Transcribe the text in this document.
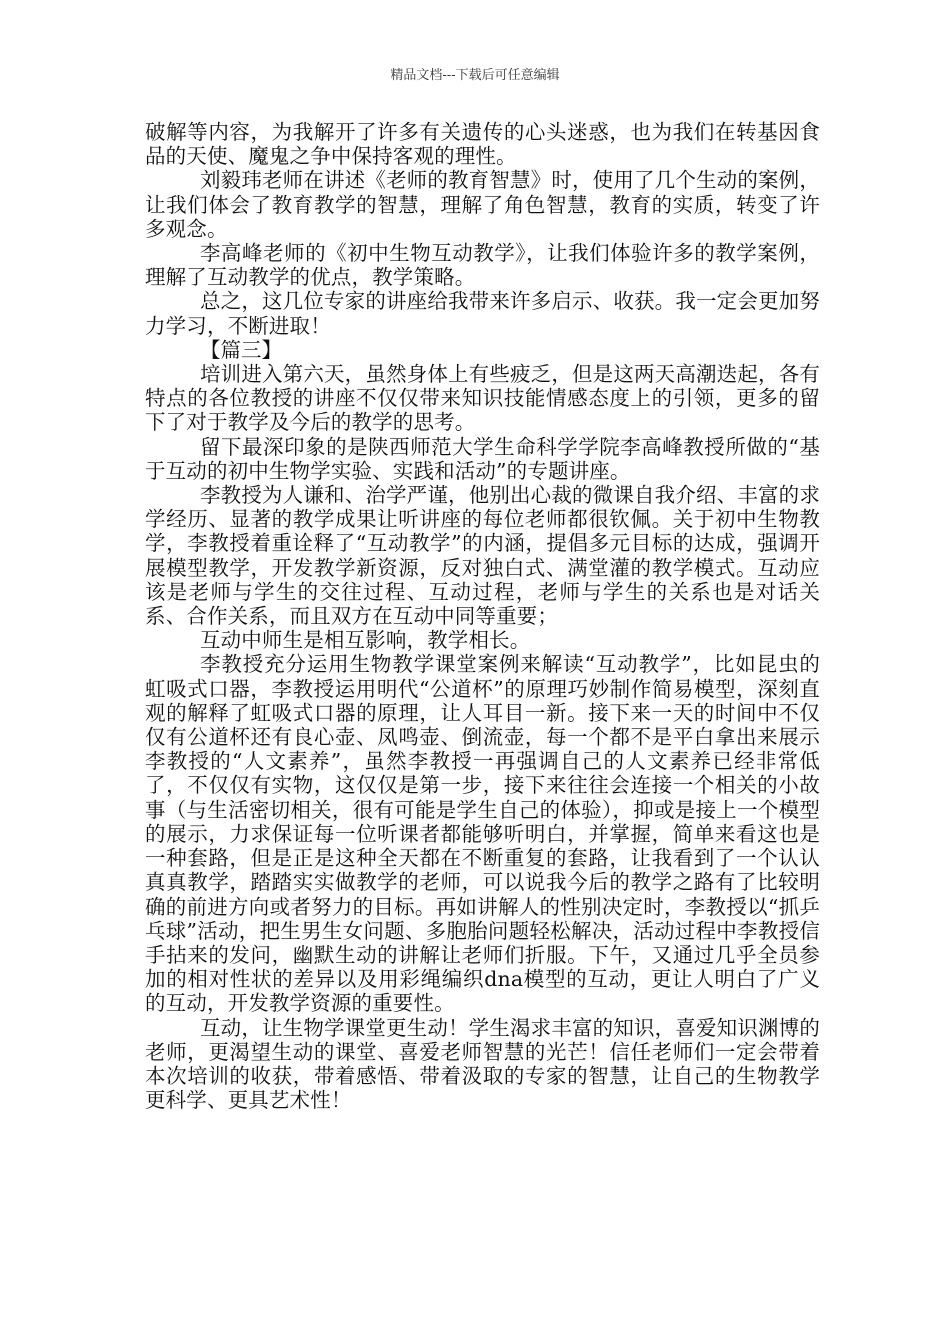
精品文档---下载后可任意编辑

破解等内容，为我解开了许多有关遗传的心头迷惑，也为我们在转基因食品的天使、魔鬼之争中保持客观的理性。

刘毅玮老师在讲述《老师的教育智慧》时，使用了几个生动的案例，让我们体会了教育教学的智慧，理解了角色智慧，教育的实质，转变了许多观念。

李高峰老师的《初中生物互动教学》，让我们体验许多的教学案例，理解了互动教学的优点，教学策略。

总之，这几位专家的讲座给我带来许多启示、收获。我一定会更加努力学习，不断进取！

【篇三】

培训进入第六天，虽然身体上有些疲乏，但是这两天高潮迭起，各有特点的各位教授的讲座不仅仅带来知识技能情感态度上的引领，更多的留下了对于教学及今后的教学的思考。

留下最深印象的是陕西师范大学生命科学学院李高峰教授所做的“基于互动的初中生物学实验、实践和活动”的专题讲座。

李教授为人谦和、治学严谨，他别出心裁的微课自我介绍、丰富的求学经历、显著的教学成果让听讲座的每位老师都很钦佩。关于初中生物教学，李教授着重诠释了“互动教学”的内涵，提倡多元目标的达成，强调开展模型教学，开发教学新资源，反对独白式、满堂灌的教学模式。互动应该是老师与学生的交往过程、互动过程，老师与学生的关系也是对话关系、合作关系，而且双方在互动中同等重要；

互动中师生是相互影响，教学相长。

李教授充分运用生物教学课堂案例来解读“互动教学”，比如昆虫的虹吸式口器，李教授运用明代“公道杯”的原理巧妙制作简易模型，深刻直观的解释了虹吸式口器的原理，让人耳目一新。接下来一天的时间中不仅仅有公道杯还有良心壶、凤鸣壶、倒流壶，每一个都不是平白拿出来展示李教授的“人文素养”，虽然李教授一再强调自己的人文素养已经非常低了，不仅仅有实物，这仅仅是第一步，接下来往往会连接一个相关的小故事（与生活密切相关，很有可能是学生自己的体验），抑或是接上一个模型的展示，力求保证每一位听课者都能够听明白，并掌握，简单来看这也是一种套路，但是正是这种全天都在不断重复的套路，让我看到了一个认认真真教学，踏踏实实做教学的老师，可以说我今后的教学之路有了比较明确的前进方向或者努力的目标。再如讲解人的性别决定时，李教授以“抓乒乓球”活动，把生男生女问题、多胞胎问题轻松解决，活动过程中李教授信手拈来的发问，幽默生动的讲解让老师们折服。下午，又通过几乎全员参加的相对性状的差异以及用彩绳编织dna模型的互动，更让人明白了广义的互动，开发教学资源的重要性。

互动，让生物学课堂更生动！学生渴求丰富的知识，喜爱知识渊博的老师，更渴望生动的课堂、喜爱老师智慧的光芒！信任老师们一定会带着本次培训的收获，带着感悟、带着汲取的专家的智慧，让自己的生物教学更科学、更具艺术性！
